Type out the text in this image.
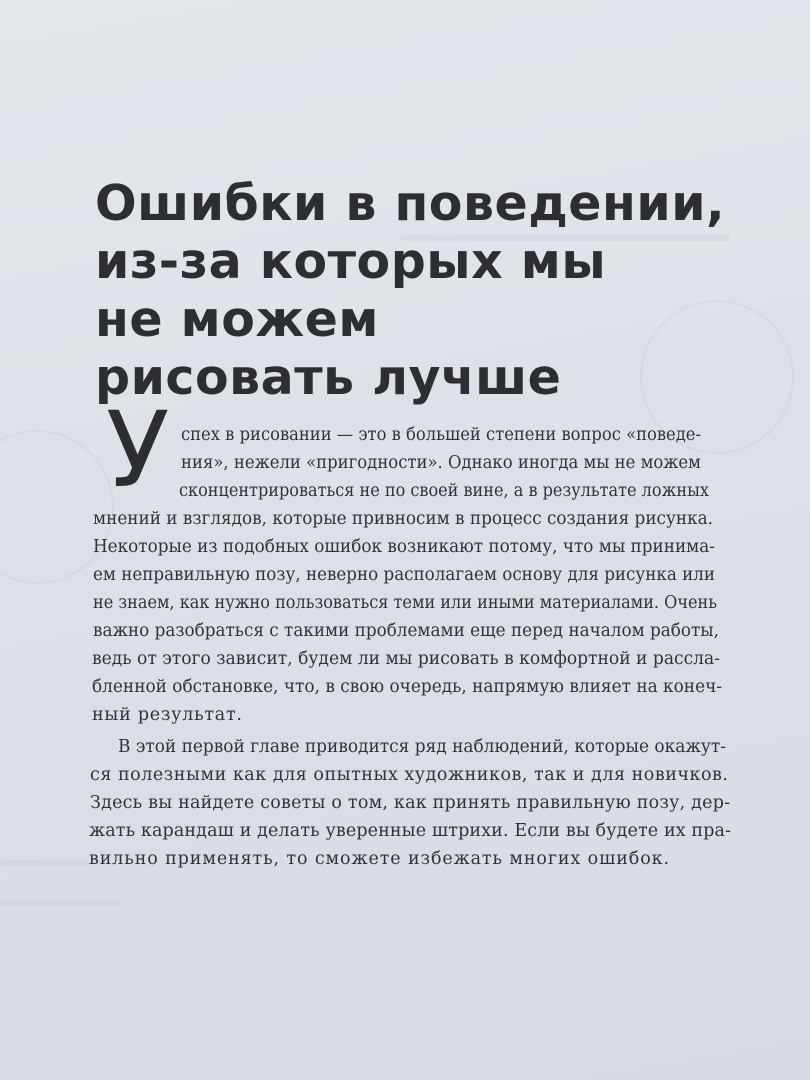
Ошибки в поведении,
из-за которых мы
не можем
рисовать лучше
У спех в рисовании — это в большей степени вопрос «поведе-
ния», нежели «пригодности». Однако иногда мы не можем
сконцентрироваться не по своей вине, а в результате ложных
мнений и взглядов, которые привносим в процесс создания рисунка.
Некоторые из подобных ошибок возникают потому, что мы принима-
ем неправильную позу, неверно располагаем основу для рисунка или
не знаем, как нужно пользоваться теми или иными материалами. Очень
важно разобраться с такими проблемами еще перед началом работы,
ведь от этого зависит, будем ли мы рисовать в комфортной и рассла-
бленной обстановке, что, в свою очередь, напрямую влияет на конеч-
ный результат.
В этой первой главе приводится ряд наблюдений, которые окажут-
ся полезными как для опытных художников, так и для новичков.
Здесь вы найдете советы о том, как принять правильную позу, дер-
жать карандаш и делать уверенные штрихи. Если вы будете их пра-
вильно применять, то сможете избежать многих ошибок.
